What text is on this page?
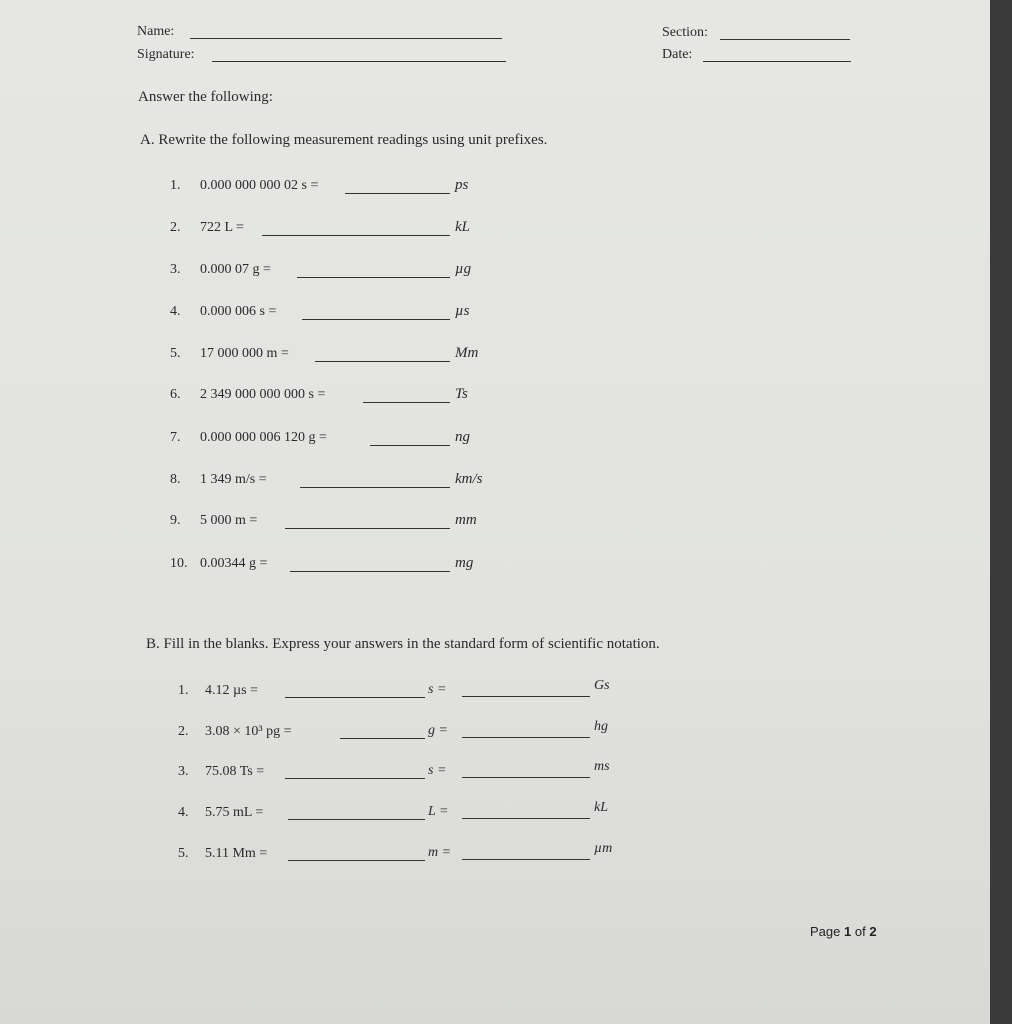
Name:
Signature:
Section:
Date:
Answer the following:
A. Rewrite the following measurement readings using unit prefixes.
B. Fill in the blanks. Express your answers in the standard form of scientific notation.
1. 0.000 000 000 02 s =	ps
2. 722 L =	kL
3. 0.000 07 g =	µg
4. 0.000 006 s =	µs
5. 17 000 000 m =	Mm
6. 2 349 000 000 000 s =	Ts
7. 0.000 000 006 120 g =	ng
8. 1 349 m/s =	km/s
9. 5 000 m =	mm
10. 0.00344 g =	mg
1. 4.12 µs =	s =	Gs
2. 3.08 × 10³ pg =	g =	hg
3. 75.08 Ts =	s =	ms
4. 5.75 mL =	L =	kL
5. 5.11 Mm =	m =	µm
Page 1 of 2
